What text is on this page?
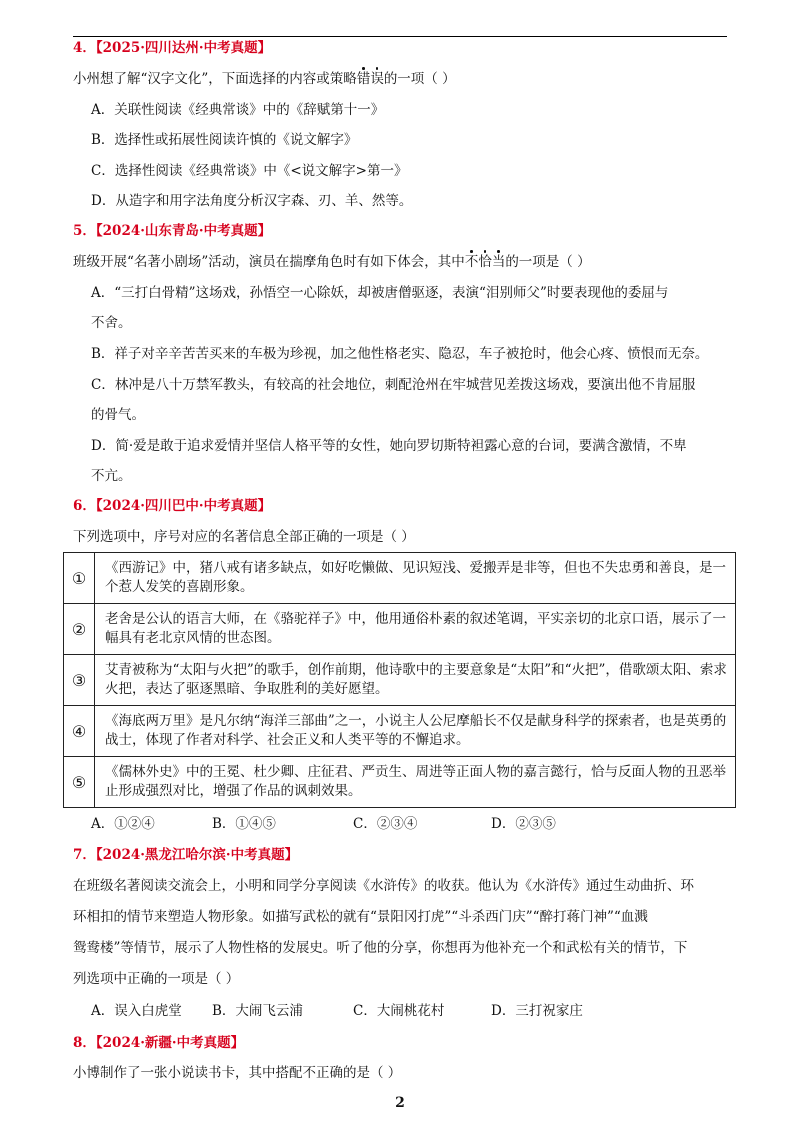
4．【2025·四川达州·中考真题】
小州想了解“汉字文化”，下面选择的内容或策略错误的一项（ ）
A．关联性阅读《经典常谈》中的《辞赋第十一》
B．选择性或拓展性阅读许慎的《说文解字》
C．选择性阅读《经典常谈》中《<说文解字>第一》
D．从造字和用字法角度分析汉字森、刃、羊、然等。
5．【2024·山东青岛·中考真题】
班级开展“名著小剧场”活动，演员在揣摩角色时有如下体会，其中不恰当的一项是（ ）
A．“三打白骨精”这场戏，孙悟空一心除妖，却被唐僧驱逐，表演“泪别师父”时要表现他的委屈与
不舍。
B．祥子对辛辛苦苦买来的车极为珍视，加之他性格老实、隐忍，车子被抢时，他会心疼、愤恨而无奈。
C．林冲是八十万禁军教头，有较高的社会地位，刺配沧州在牢城营见差拨这场戏，要演出他不肯屈服
的骨气。
D．简·爱是敢于追求爱情并坚信人格平等的女性，她向罗切斯特袒露心意的台词，要满含激情，不卑
不亢。
6．【2024·四川巴中·中考真题】
下列选项中，序号对应的名著信息全部正确的一项是（ ）
①	《西游记》中，猪八戒有诸多缺点，如好吃懒做、见识短浅、爱搬弄是非等，但也不失忠勇和善良，是一个惹人发笑的喜剧形象。
②	老舍是公认的语言大师，在《骆驼祥子》中，他用通俗朴素的叙述笔调，平实亲切的北京口语，展示了一幅具有老北京风情的世态图。
③	艾青被称为“太阳与火把”的歌手，创作前期，他诗歌中的主要意象是“太阳”和“火把”，借歌颂太阳、索求火把，表达了驱逐黑暗、争取胜利的美好愿望。
④	《海底两万里》是凡尔纳“海洋三部曲”之一，小说主人公尼摩船长不仅是献身科学的探索者，也是英勇的战士，体现了作者对科学、社会正义和人类平等的不懈追求。
⑤	《儒林外史》中的王冕、杜少卿、庄征君、严贡生、周进等正面人物的嘉言懿行，恰与反面人物的丑恶举止形成强烈对比，增强了作品的讽刺效果。
A．①②④	B．①④⑤	C．②③④	D．②③⑤
7．【2024·黑龙江哈尔滨·中考真题】
在班级名著阅读交流会上，小明和同学分享阅读《水浒传》的收获。他认为《水浒传》通过生动曲折、环
环相扣的情节来塑造人物形象。如描写武松的就有“景阳冈打虎”“斗杀西门庆”“醉打蒋门神”“血溅
鸳鸯楼”等情节，展示了人物性格的发展史。听了他的分享，你想再为他补充一个和武松有关的情节，下
列选项中正确的一项是（ ）
A．误入白虎堂 B．大闹飞云浦	C．大闹桃花村	D．三打祝家庄
8．【2024·新疆·中考真题】
小博制作了一张小说读书卡，其中搭配不正确的是（ ）
2
